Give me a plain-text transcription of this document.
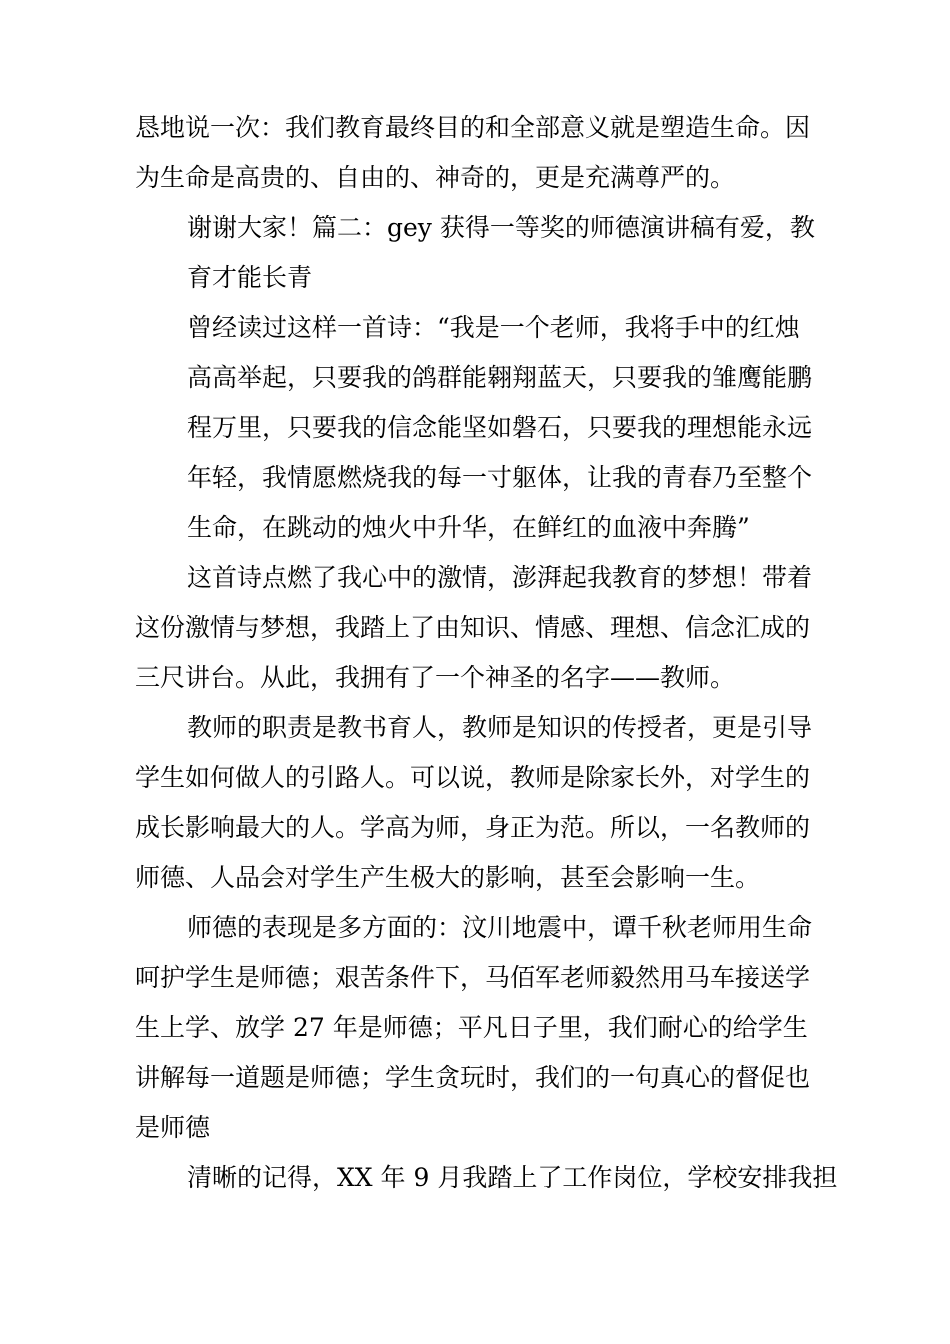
恳地说一次：我们教育最终目的和全部意义就是塑造生命。因
为生命是高贵的、自由的、神奇的，更是充满尊严的。
谢谢大家！篇二：gey 获得一等奖的师德演讲稿有爱，教
育才能长青
曾经读过这样一首诗：“我是一个老师，我将手中的红烛
高高举起，只要我的鸽群能翱翔蓝天，只要我的雏鹰能鹏
程万里，只要我的信念能坚如磐石，只要我的理想能永远
年轻，我情愿燃烧我的每一寸躯体，让我的青春乃至整个
生命，在跳动的烛火中升华，在鲜红的血液中奔腾”
这首诗点燃了我心中的激情，澎湃起我教育的梦想！带着
这份激情与梦想，我踏上了由知识、情感、理想、信念汇成的
三尺讲台。从此，我拥有了一个神圣的名字——教师。
教师的职责是教书育人，教师是知识的传授者，更是引导
学生如何做人的引路人。可以说，教师是除家长外，对学生的
成长影响最大的人。学高为师，身正为范。所以，一名教师的
师德、人品会对学生产生极大的影响，甚至会影响一生。
师德的表现是多方面的：汶川地震中，谭千秋老师用生命
呵护学生是师德；艰苦条件下，马佰军老师毅然用马车接送学
生上学、放学 27 年是师德；平凡日子里，我们耐心的给学生
讲解每一道题是师德；学生贪玩时，我们的一句真心的督促也
是师德
清晰的记得，XX 年 9 月我踏上了工作岗位，学校安排我担
